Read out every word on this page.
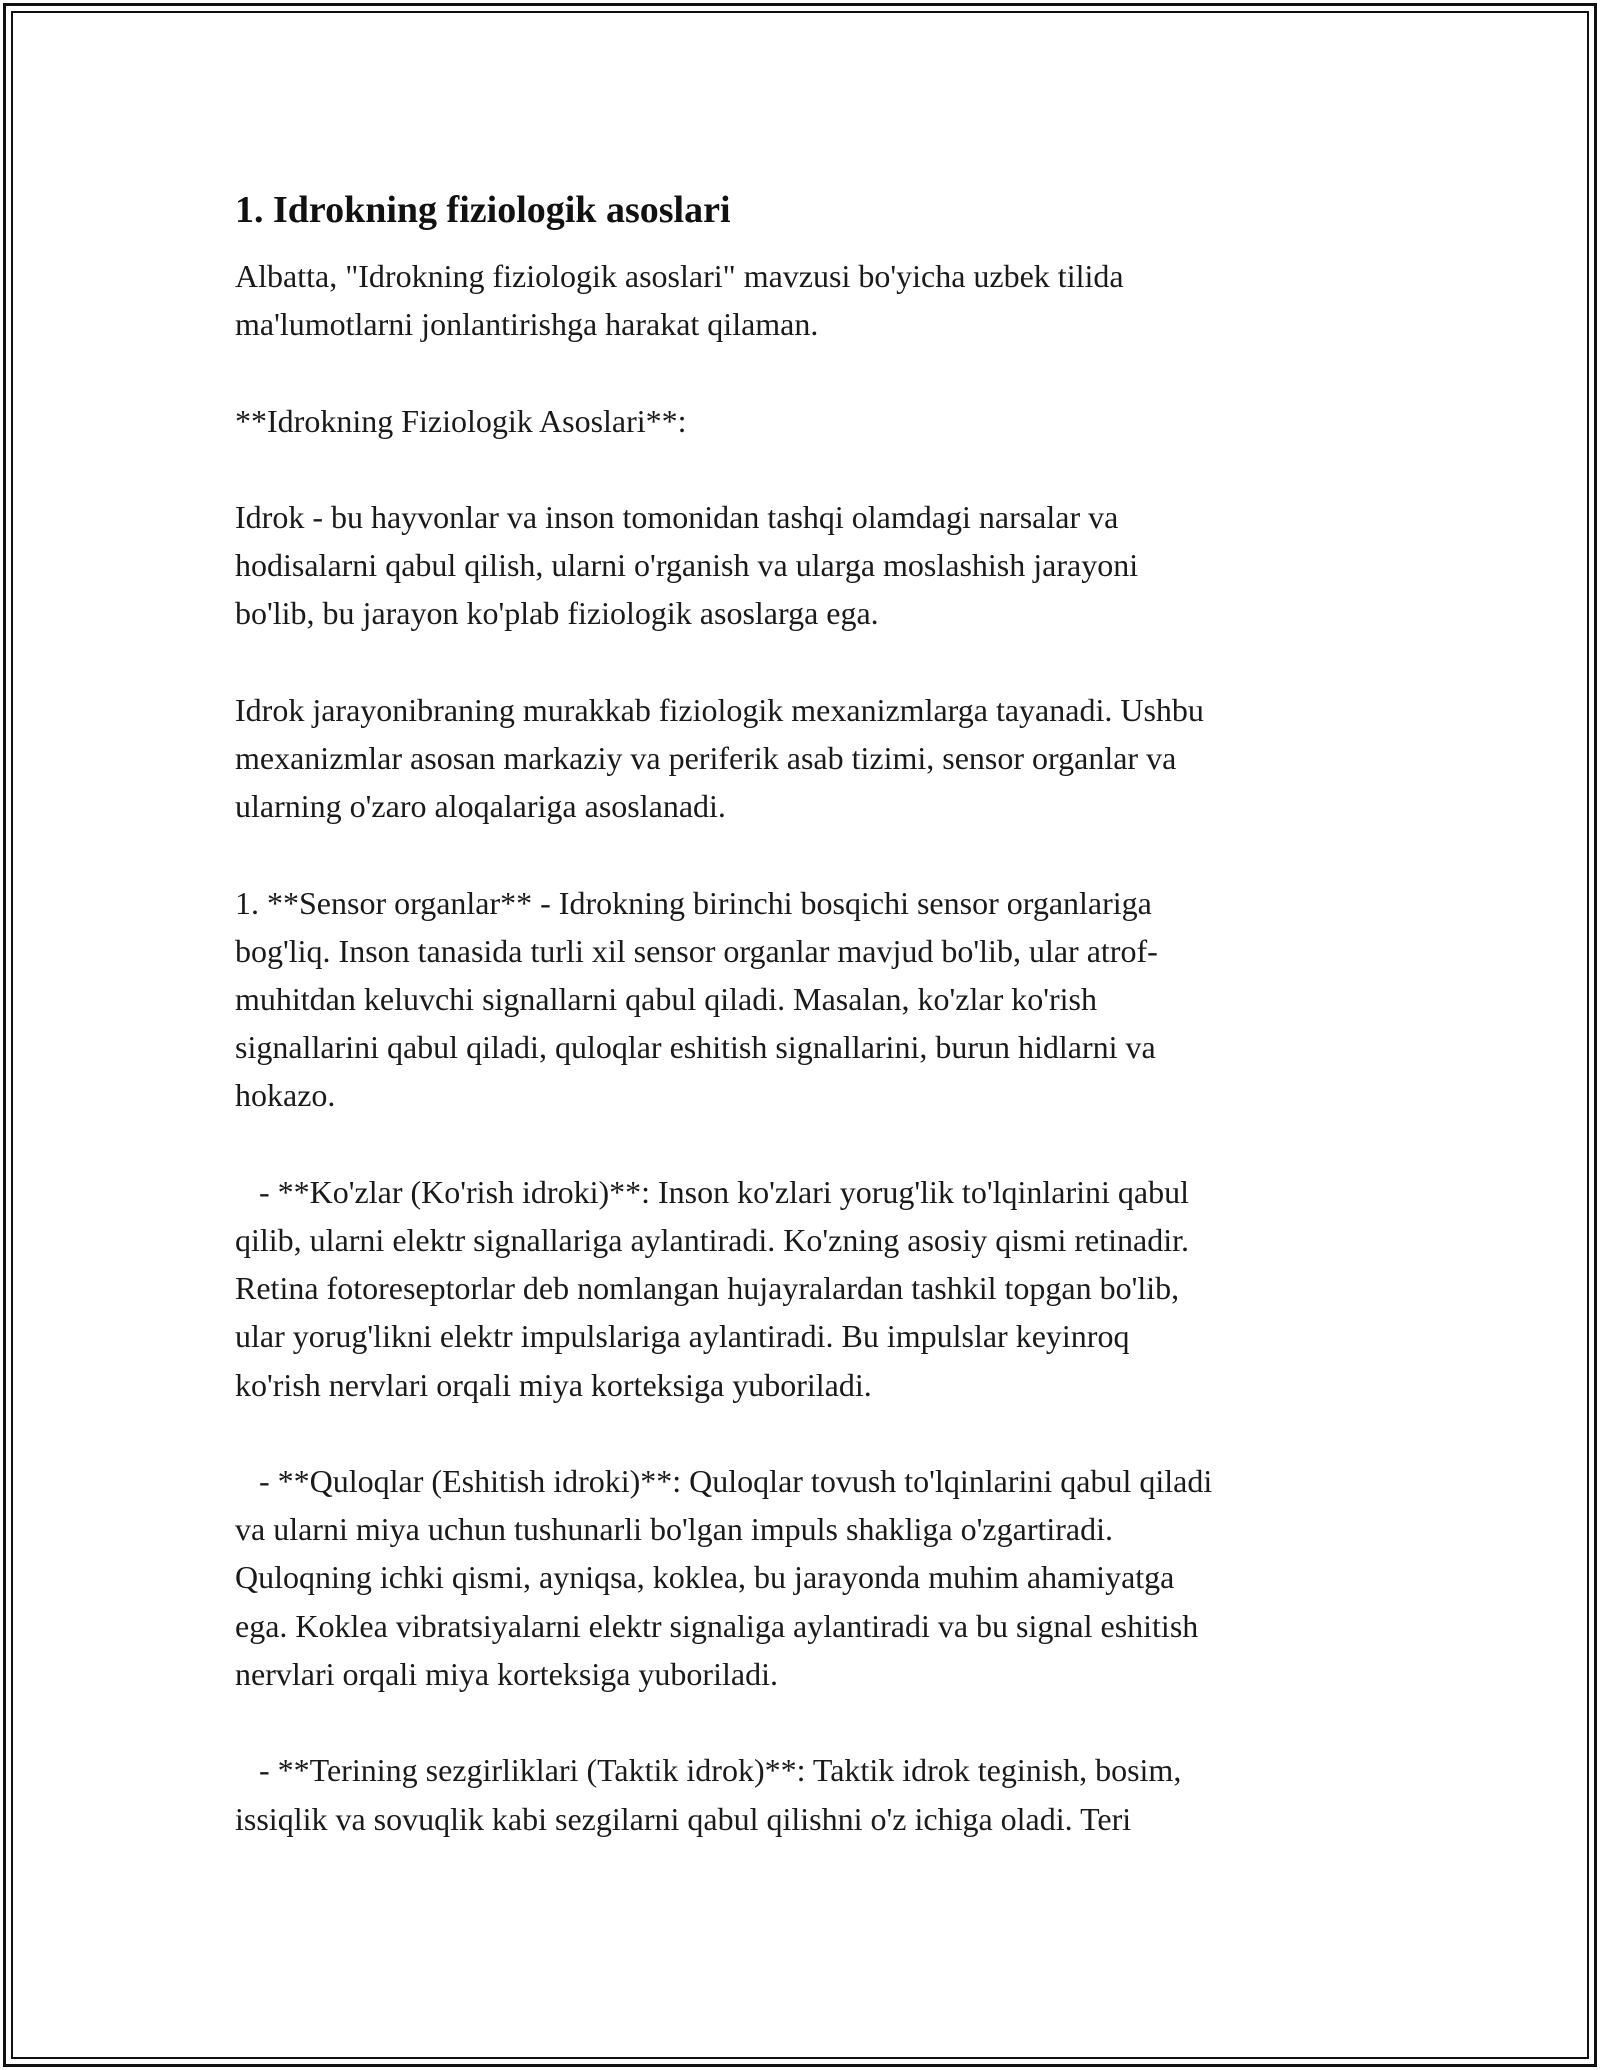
1. Idrokning fiziologik asoslari
Albatta, "Idrokning fiziologik asoslari" mavzusi bo'yicha uzbek tilida
ma'lumotlarni jonlantirishga harakat qilaman.

**Idrokning Fiziologik Asoslari**:

Idrok - bu hayvonlar va inson tomonidan tashqi olamdagi narsalar va
hodisalarni qabul qilish, ularni o'rganish va ularga moslashish jarayoni
bo'lib, bu jarayon ko'plab fiziologik asoslarga ega.

Idrok jarayonibraning murakkab fiziologik mexanizmlarga tayanadi. Ushbu
mexanizmlar asosan markaziy va periferik asab tizimi, sensor organlar va
ularning o'zaro aloqalariga asoslanadi.

1. **Sensor organlar** - Idrokning birinchi bosqichi sensor organlariga
bog'liq. Inson tanasida turli xil sensor organlar mavjud bo'lib, ular atrof-
muhitdan keluvchi signallarni qabul qiladi. Masalan, ko'zlar ko'rish
signallarini qabul qiladi, quloqlar eshitish signallarini, burun hidlarni va
hokazo.

- **Ko'zlar (Ko'rish idroki)**: Inson ko'zlari yorug'lik to'lqinlarini qabul
qilib, ularni elektr signallariga aylantiradi. Ko'zning asosiy qismi retinadir.
Retina fotoreseptorlar deb nomlangan hujayralardan tashkil topgan bo'lib,
ular yorug'likni elektr impulslariga aylantiradi. Bu impulslar keyinroq
ko'rish nervlari orqali miya korteksiga yuboriladi.

- **Quloqlar (Eshitish idroki)**: Quloqlar tovush to'lqinlarini qabul qiladi
va ularni miya uchun tushunarli bo'lgan impuls shakliga o'zgartiradi.
Quloqning ichki qismi, ayniqsa, koklea, bu jarayonda muhim ahamiyatga
ega. Koklea vibratsiyalarni elektr signaliga aylantiradi va bu signal eshitish
nervlari orqali miya korteksiga yuboriladi.

- **Terining sezgirliklari (Taktik idrok)**: Taktik idrok teginish, bosim,
issiqlik va sovuqlik kabi sezgilarni qabul qilishni o'z ichiga oladi. Teri
